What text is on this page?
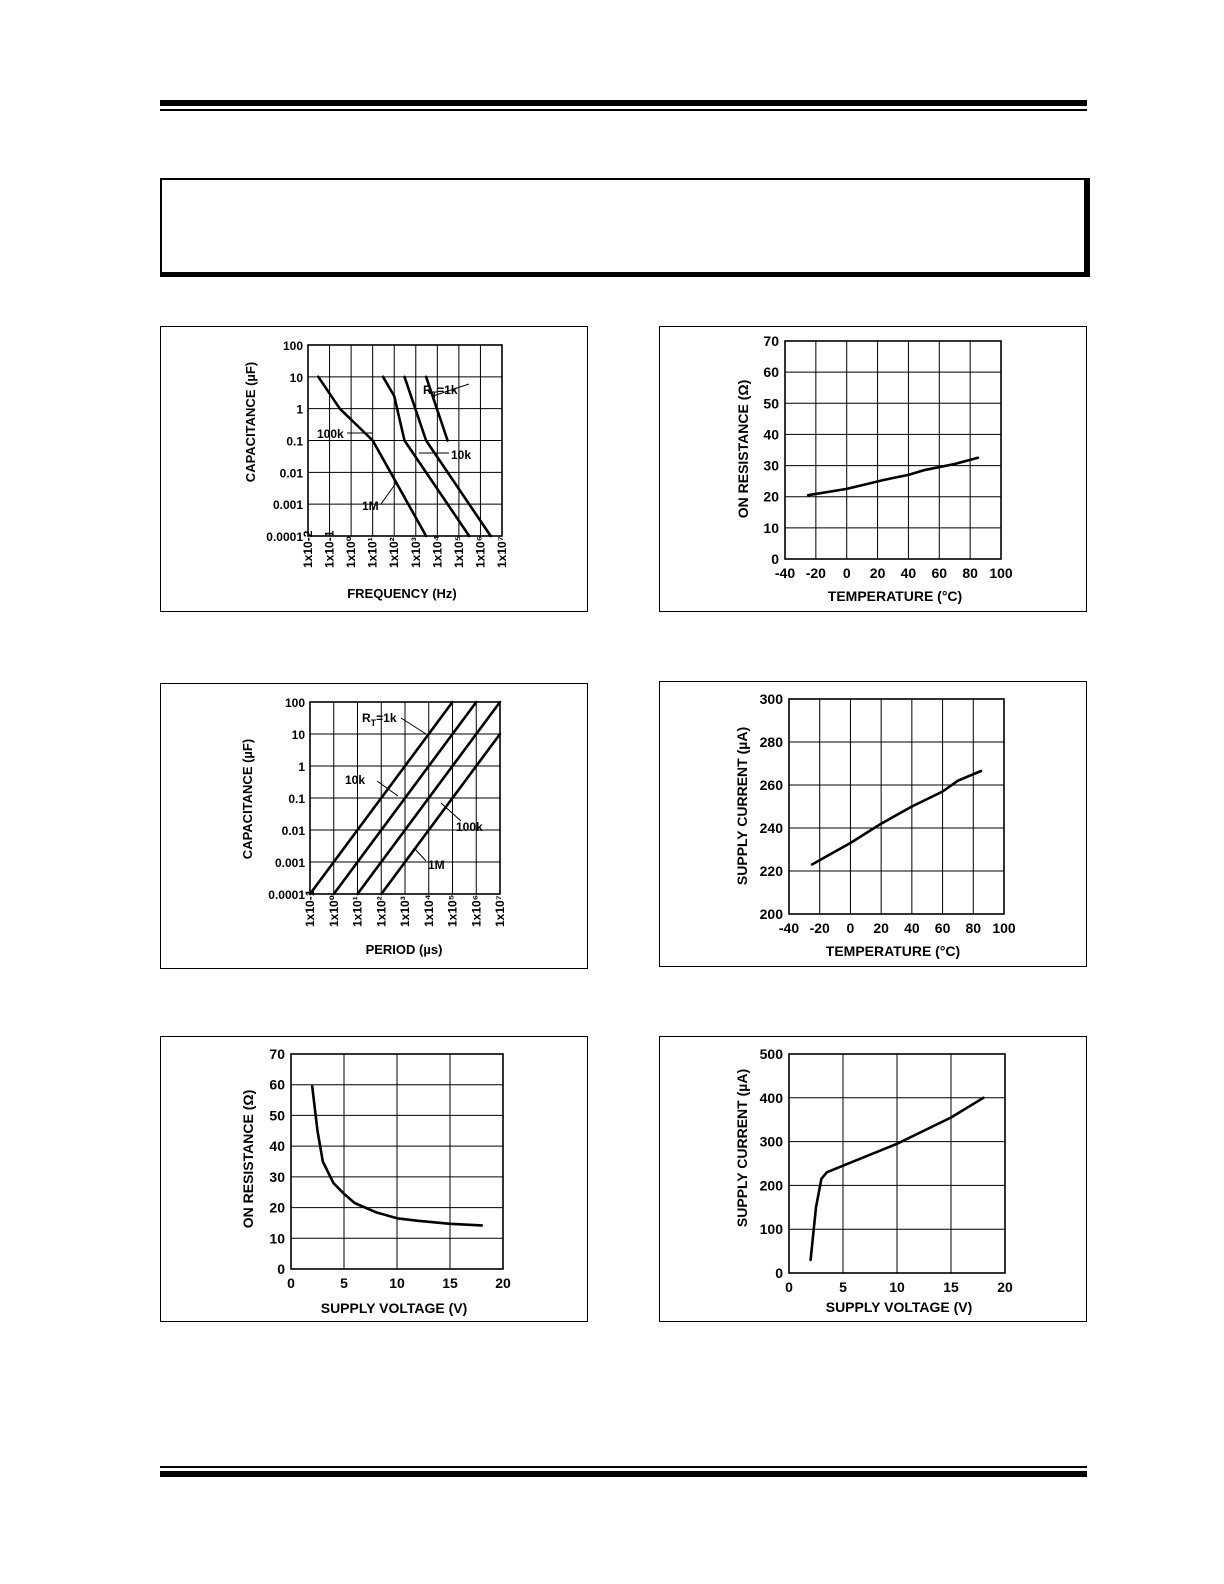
CAPACITANCE (µF)
FREQUENCY (Hz)
0.0001
0.001
0.01
0.1
1
10
100
1x10-2 1x10-1 1x10⁰ 1x10¹ 1x10² 1x10³ 1x10⁴ 1x10⁵ 1x10⁶ 1x10⁷
$R_T=1k$
10k
100k
1M	ON RESISTANCE (Ω)
TEMPERATURE (°C)
0
10
20
30
40
50
60
70
-40 -20 0 20 40 60 80 100
CAPACITANCE (µF)
PERIOD (µs)
0.0001
0.001
0.01
0.1
1
10
100
1x10-1 1x10⁰ 1x10¹ 1x10² 1x10³ 1x10⁴ 1x10⁵ 1x10⁶ 1x10⁷
$R_T=1k$
10k
100k
1M	SUPPLY CURRENT (µA)
TEMPERATURE (°C)
200
220
240
260
280
300
-40 -20 0 20 40 60 80 100
ON RESISTANCE (Ω)
SUPPLY VOLTAGE (V)
0
10
20
30
40
50
60
70
0	5	10	15	20
SUPPLY CURRENT (µA)
SUPPLY VOLTAGE (V)
0
100
200
300
400
500
0	5	10	15	20
